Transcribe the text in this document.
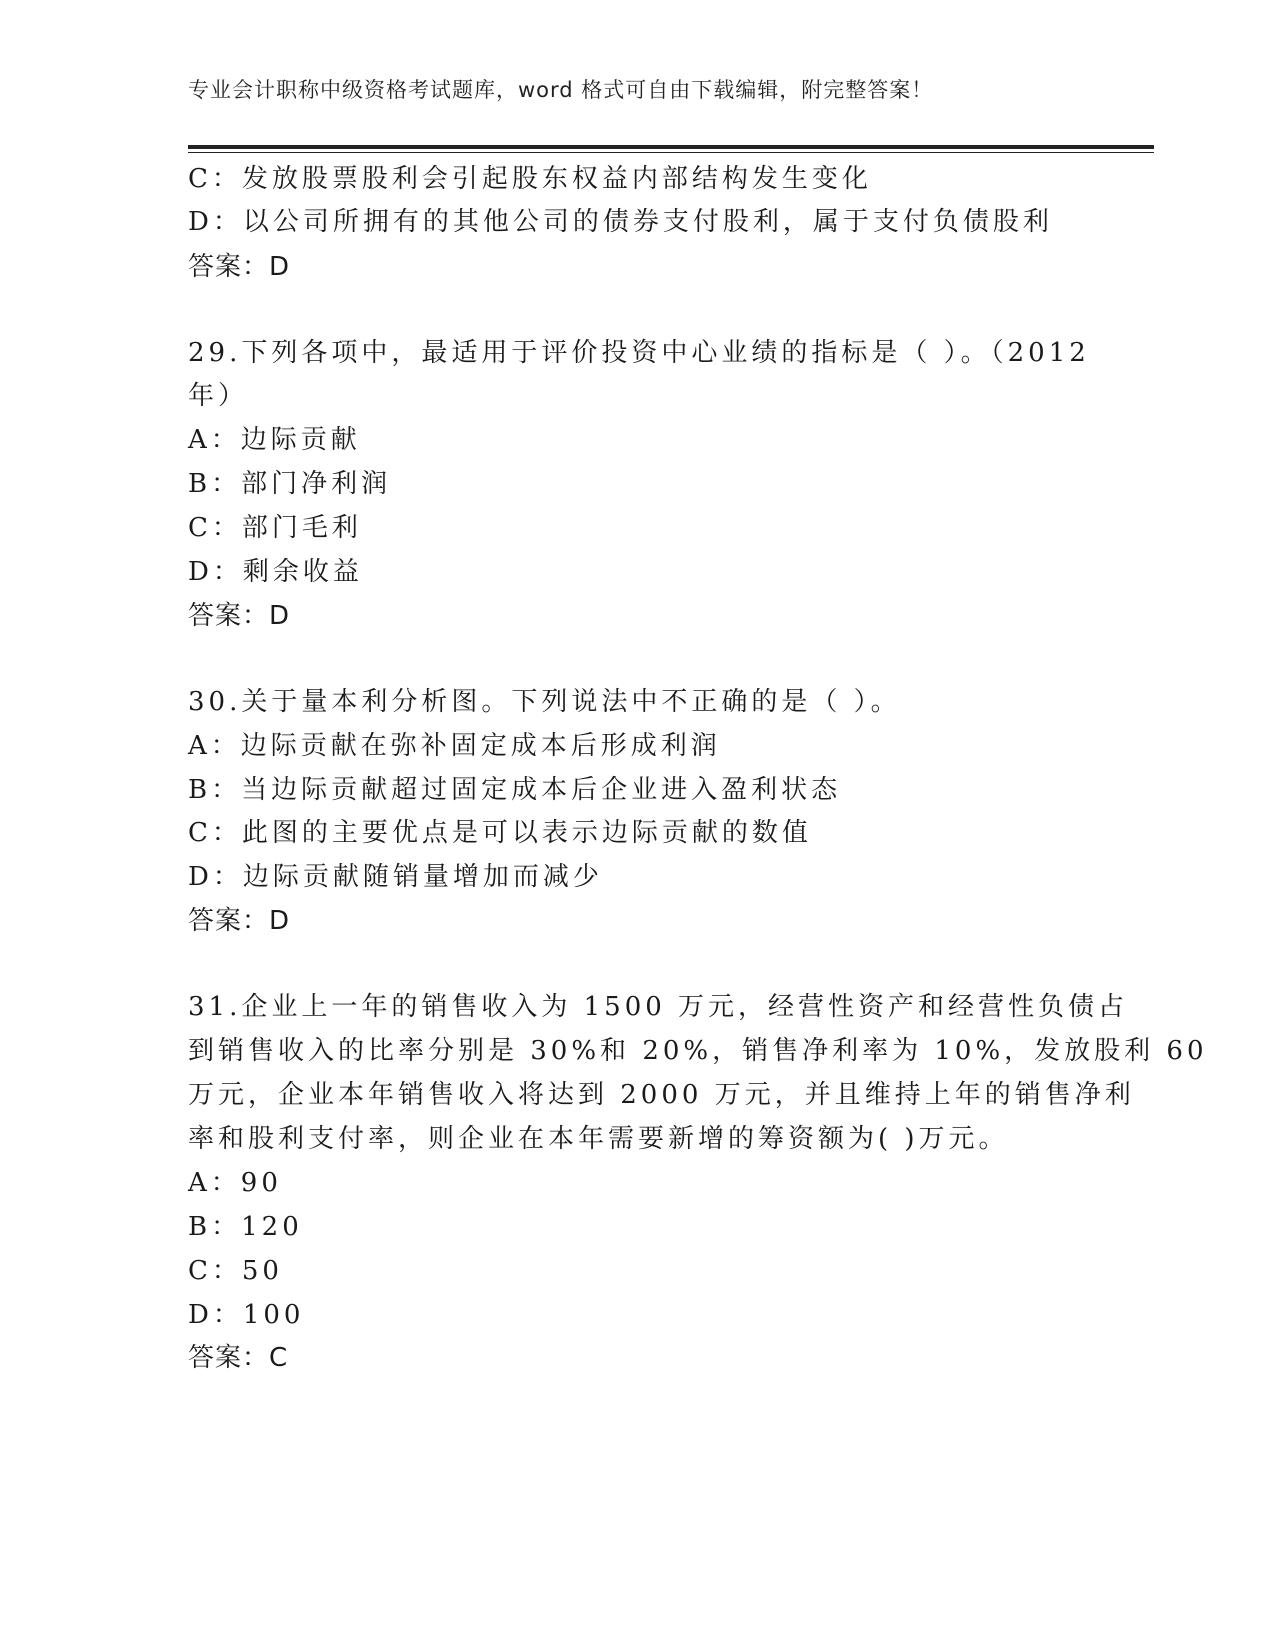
专业会计职称中级资格考试题库，word 格式可自由下载编辑，附完整答案！
C：发放股票股利会引起股东权益内部结构发生变化
D：以公司所拥有的其他公司的债券支付股利，属于支付负债股利
答案：D
29.下列各项中，最适用于评价投资中心业绩的指标是（ ）。（2012
年）
A：边际贡献
B：部门净利润
C：部门毛利
D：剩余收益
答案：D
30.关于量本利分析图。下列说法中不正确的是（ ）。
A：边际贡献在弥补固定成本后形成利润
B：当边际贡献超过固定成本后企业进入盈利状态
C：此图的主要优点是可以表示边际贡献的数值
D：边际贡献随销量增加而减少
答案：D
31.企业上一年的销售收入为 1500 万元，经营性资产和经营性负债占
到销售收入的比率分别是 30%和 20%，销售净利率为 10%，发放股利 60
万元，企业本年销售收入将达到 2000 万元，并且维持上年的销售净利
率和股利支付率，则企业在本年需要新增的筹资额为( )万元。
A：90
B：120
C：50
D：100
答案：C
